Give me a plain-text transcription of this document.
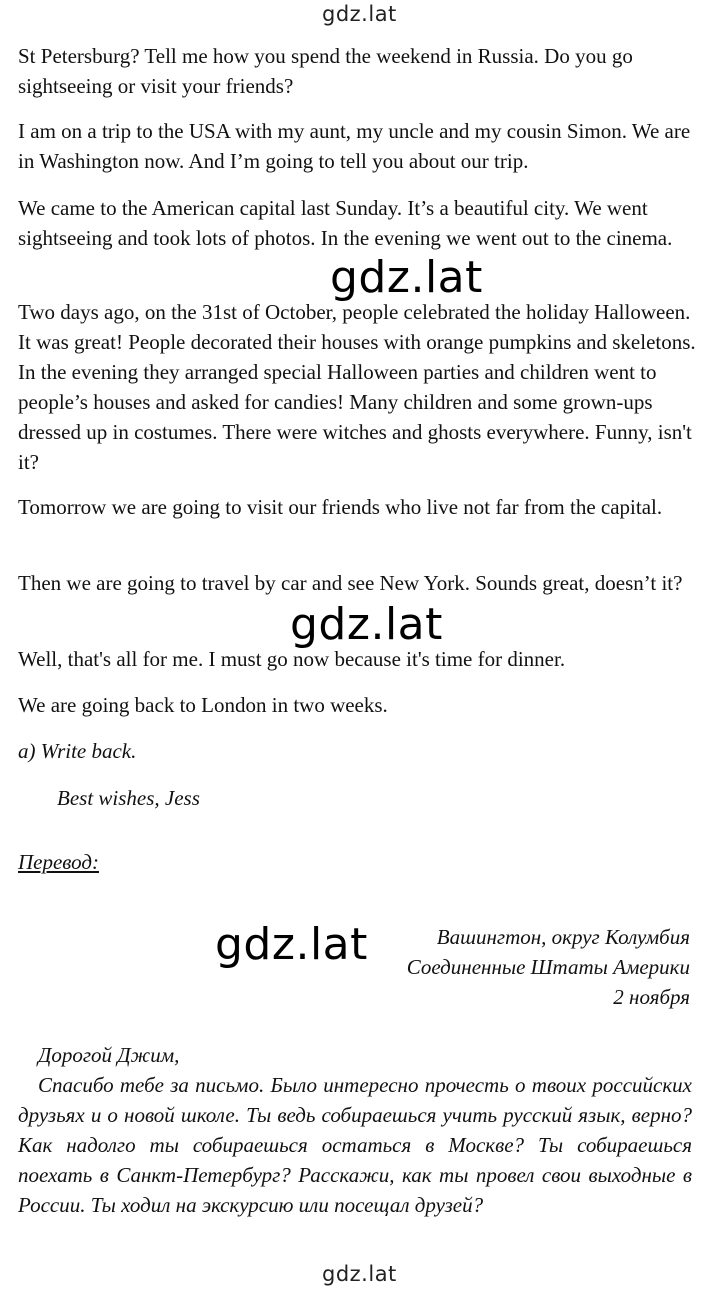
gdz.lat

St Petersburg? Tell me how you spend the weekend in Russia. Do you go sightseeing or visit your friends?

I am on a trip to the USA with my aunt, my uncle and my cousin Simon. We are in Washington now. And I’m going to tell you about our trip.

We came to the American capital last Sunday. It’s a beautiful city. We went sightseeing and took lots of photos. In the evening we went out to the cinema.

gdz.lat

Two days ago, on the 31st of October, people celebrated the holiday Halloween. It was great! People decorated their houses with orange pumpkins and skeletons. In the evening they arranged special Halloween parties and children went to people’s houses and asked for candies! Many children and some grown-ups dressed up in costumes. There were witches and ghosts everywhere. Funny, isn't it?

Tomorrow we are going to visit our friends who live not far from the capital.

Then we are going to travel by car and see New York. Sounds great, doesn’t it?

gdz.lat

Well, that's all for me. I must go now because it's time for dinner.

We are going back to London in two weeks.

a) Write back.

Best wishes, Jess

Перевод:

gdz.lat	Вашингтон, округ Колумбия
Соединенные Штаты Америки
2 ноября

Дорогой Джим,

Спасибо тебе за письмо. Было интересно прочесть о твоих российских друзьях и о новой школе. Ты ведь собираешься учить русский язык, верно? Как надолго ты собираешься остаться в Москве? Ты собираешься поехать в Санкт-Петербург? Расскажи, как ты провел свои выходные в России. Ты ходил на экскурсию или посещал друзей?

gdz.lat
